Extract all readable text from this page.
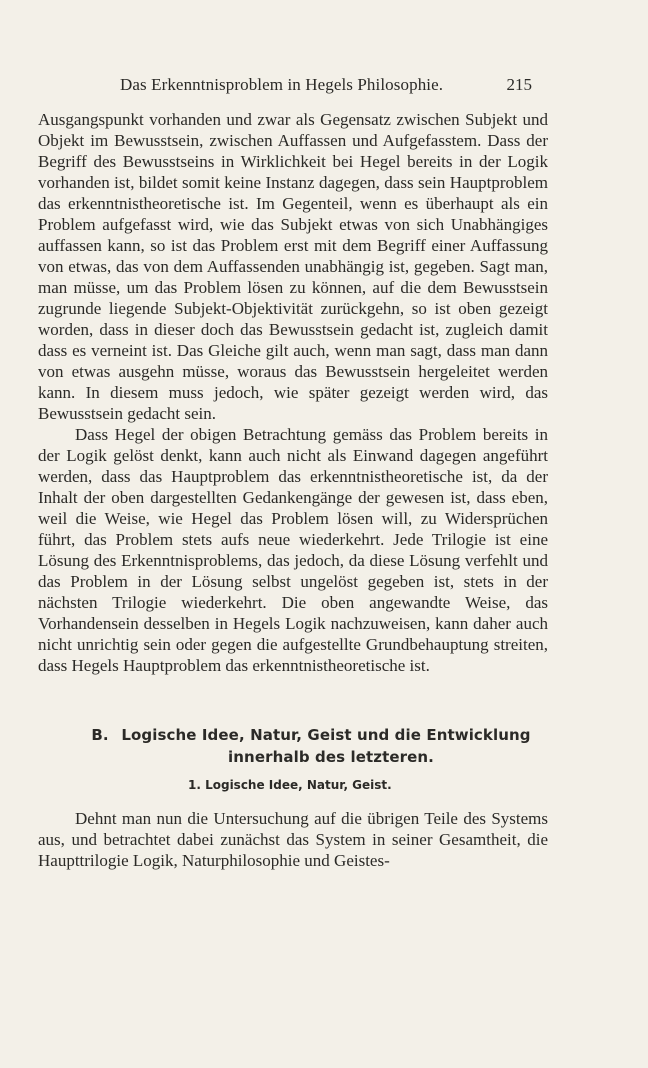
Das Erkenntnisproblem in Hegels Philosophie.	215

Ausgangspunkt vorhanden und zwar als Gegensatz zwischen Subjekt und Objekt im Bewusstsein, zwischen Auffassen und Aufgefasstem. Dass der Begriff des Bewusstseins in Wirklichkeit bei Hegel bereits in der Logik vorhanden ist, bildet somit keine Instanz dagegen, dass sein Hauptproblem das erkenntnistheoretische ist. Im Gegenteil, wenn es überhaupt als ein Problem aufgefasst wird, wie das Subjekt etwas von sich Unabhängiges auffassen kann, so ist das Problem erst mit dem Begriff einer Auffassung von etwas, das von dem Auffassenden unabhängig ist, gegeben. Sagt man, man müsse, um das Problem lösen zu können, auf die dem Bewusstsein zugrunde liegende Subjekt-Objektivität zurückgehn, so ist oben gezeigt worden, dass in dieser doch das Bewusstsein gedacht ist, zugleich damit dass es verneint ist. Das Gleiche gilt auch, wenn man sagt, dass man dann von etwas ausgehn müsse, woraus das Bewusstsein hergeleitet werden kann. In diesem muss jedoch, wie später gezeigt werden wird, das Bewusstsein gedacht sein.

Dass Hegel der obigen Betrachtung gemäss das Problem bereits in der Logik gelöst denkt, kann auch nicht als Einwand dagegen angeführt werden, dass das Hauptproblem das erkenntnistheoretische ist, da der Inhalt der oben dargestellten Gedankengänge der gewesen ist, dass eben, weil die Weise, wie Hegel das Problem lösen will, zu Widersprüchen führt, das Problem stets aufs neue wiederkehrt. Jede Trilogie ist eine Lösung des Erkenntnisproblems, das jedoch, da diese Lösung verfehlt und das Problem in der Lösung selbst ungelöst gegeben ist, stets in der nächsten Trilogie wiederkehrt. Die oben angewandte Weise, das Vorhandensein desselben in Hegels Logik nachzuweisen, kann daher auch nicht unrichtig sein oder gegen die aufgestellte Grundbehauptung streiten, dass Hegels Hauptproblem das erkenntnistheoretische ist.

B. Logische Idee, Natur, Geist und die Entwicklung
innerhalb des letzteren.
1. Logische Idee, Natur, Geist.

Dehnt man nun die Untersuchung auf die übrigen Teile des Systems aus, und betrachtet dabei zunächst das System in seiner Gesamtheit, die Haupttrilogie Logik, Naturphilosophie und Geistes-
